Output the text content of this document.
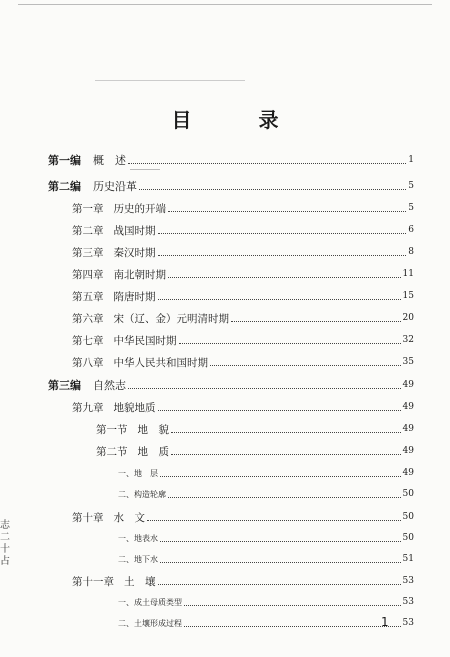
目 录
第一编 概　述	1
第二编 历史沿革	5
第一章 历史的开端	5
第二章 战国时期	6
第三章 秦汉时期	8
第四章 南北朝时期	11
第五章 隋唐时期	15
第六章 宋（辽、金）元明清时期	20
第七章 中华民国时期	32
第八章 中华人民共和国时期	35
第三编 自然志	49
第九章 地貌地质	49
第一节 地　貌	49
第二节 地　质	49
一、地　层	49
二、构造轮廓	50
第十章 水　文	50
一、地表水	50
二、地下水	51
第十一章 土　壤	53
一、成土母质类型	53
二、土壤形成过程	53
志二十占
1
